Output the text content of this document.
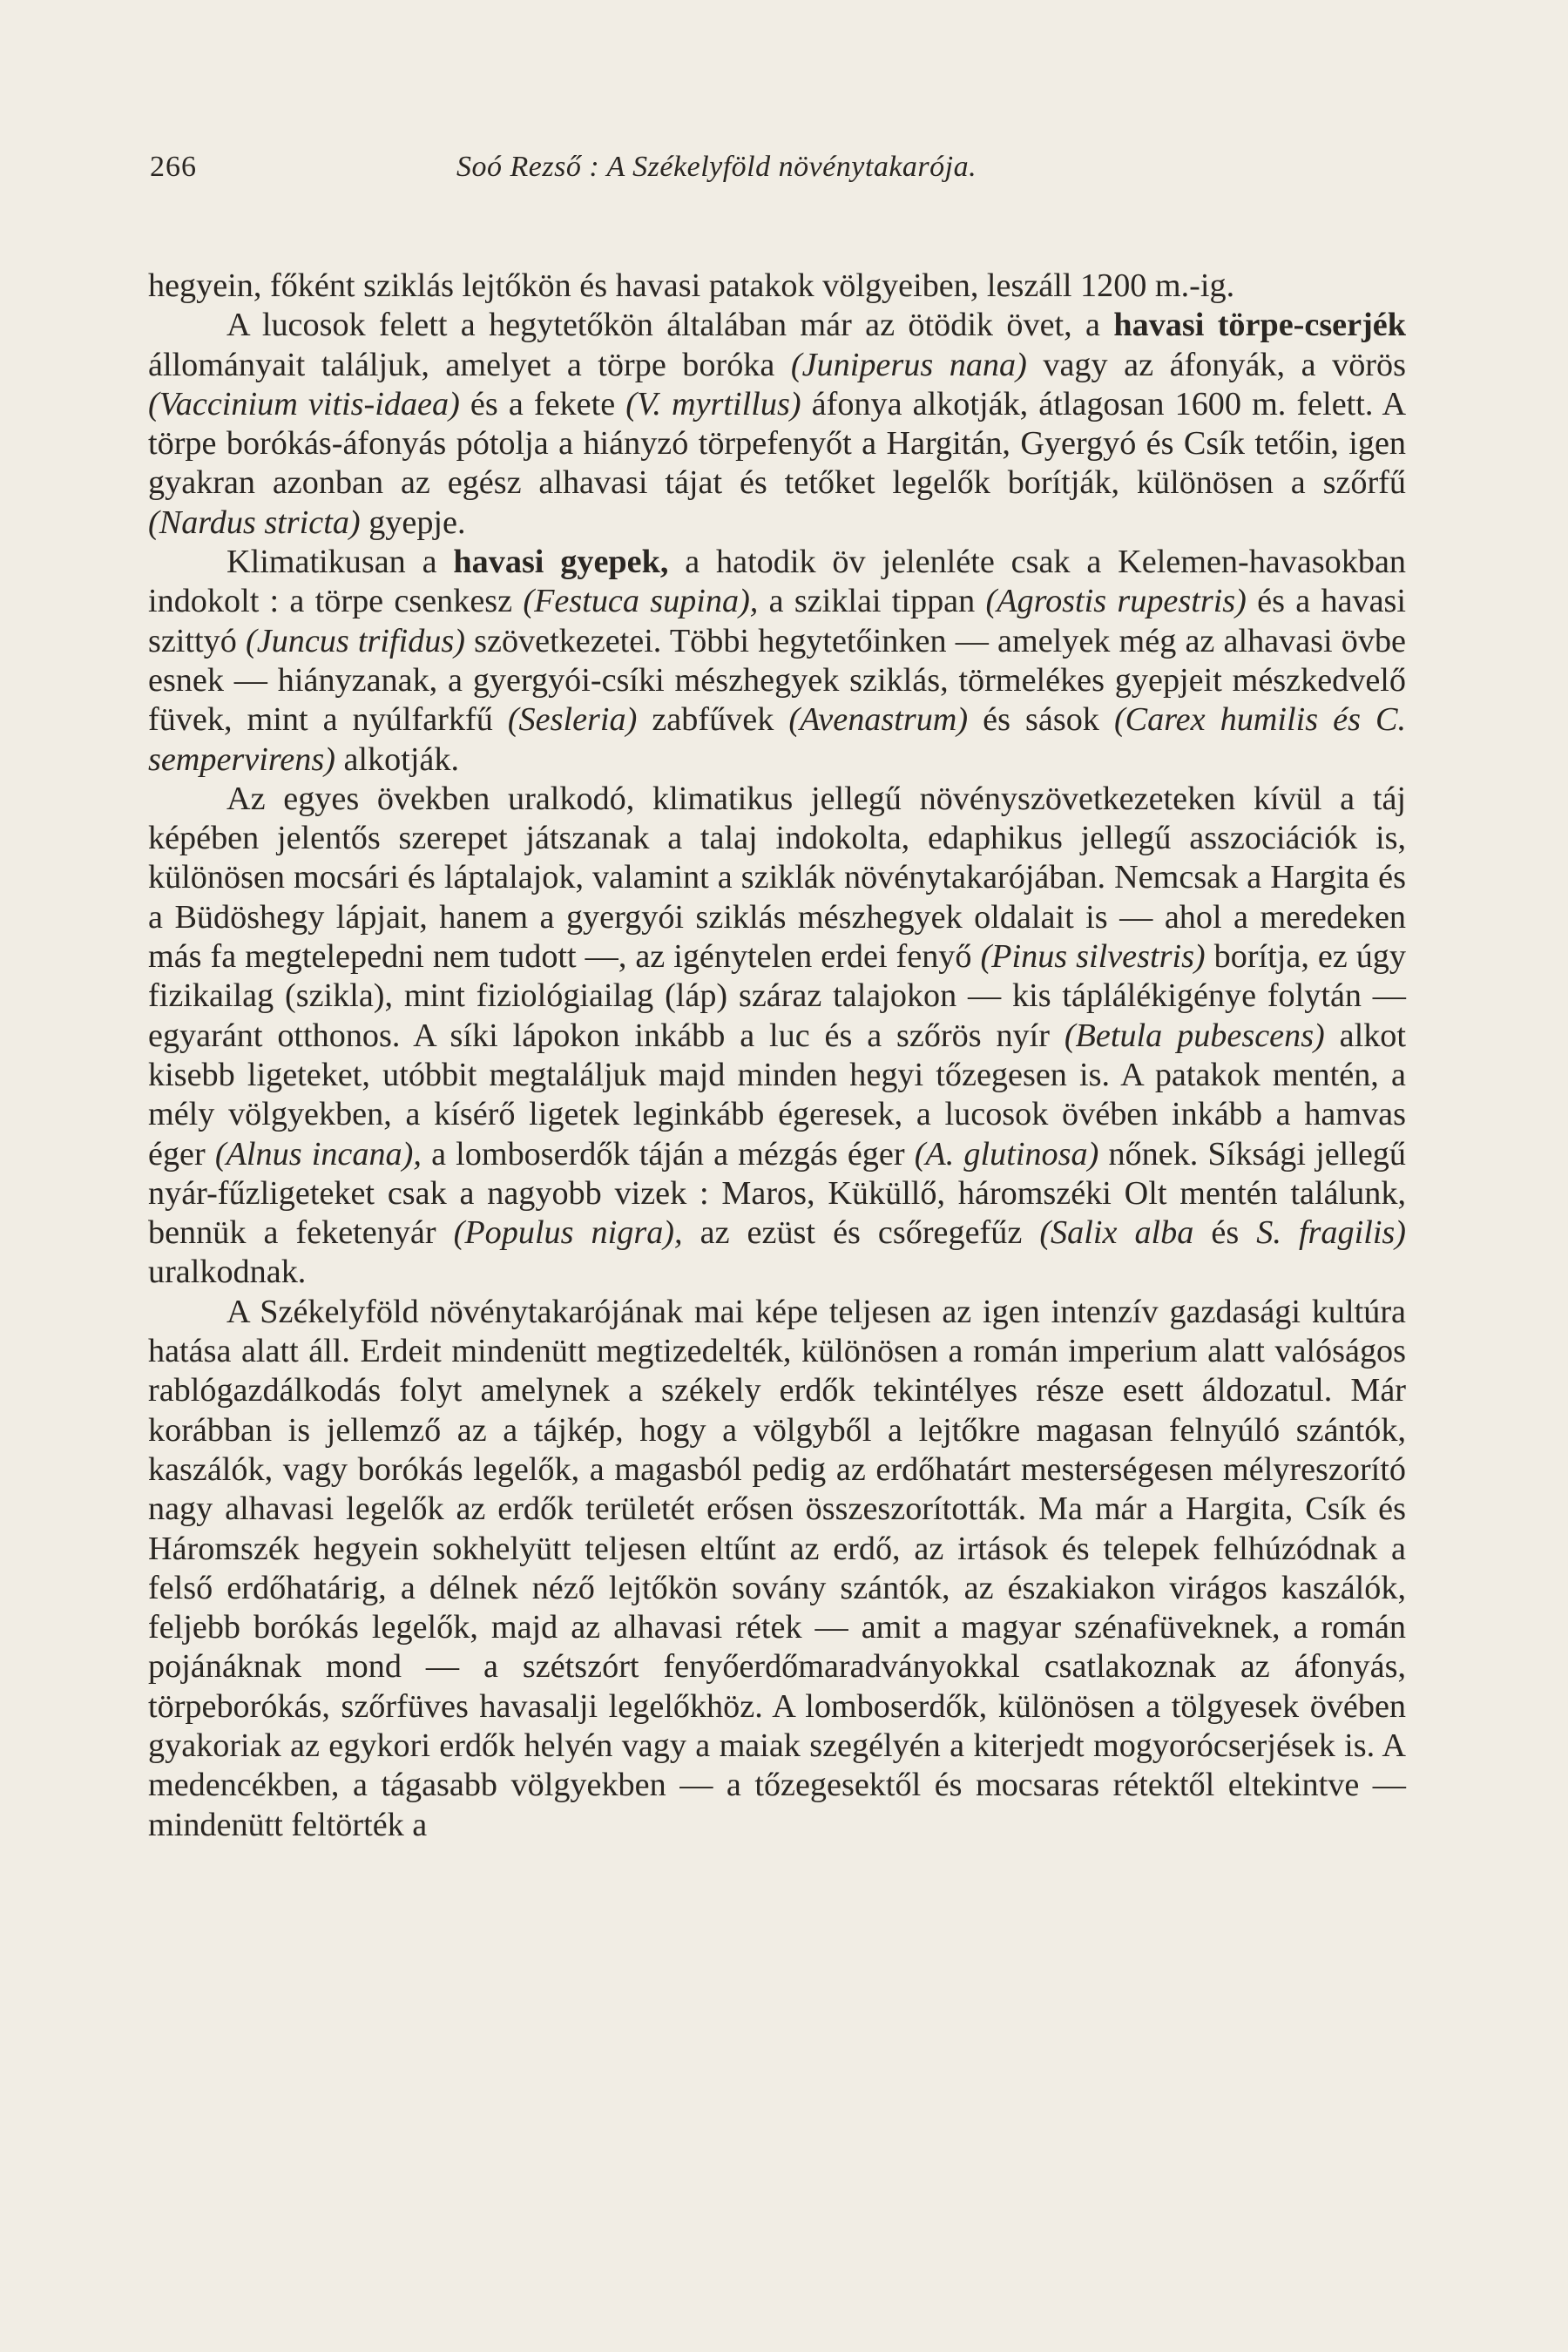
266	Soó Rezső : A Székelyföld növénytakarója.

hegyein, főként sziklás lejtőkön és havasi patakok völgyeiben, leszáll 1200 m.-ig.

A lucosok felett a hegytetőkön általában már az ötödik övet, a havasi törpe-cserjék állományait találjuk, amelyet a törpe boróka (Juniperus nana) vagy az áfonyák, a vörös (Vaccinium vitis-idaea) és a fekete (V. myrtillus) áfonya alkotják, átlagosan 1600 m. felett. A törpe borókás-áfonyás pótolja a hiányzó törpefenyőt a Hargitán, Gyergyó és Csík tetőin, igen gyakran azonban az egész alhavasi tájat és tetőket legelők borítják, különösen a szőrfű (Nardus stricta) gyepje.

Klimatikusan a havasi gyepek, a hatodik öv jelenléte csak a Kelemen-havasokban indokolt : a törpe csenkesz (Festuca supina), a sziklai tippan (Agrostis rupestris) és a havasi szittyó (Juncus trifidus) szövetkezetei. Többi hegytetőinken — amelyek még az alhavasi övbe esnek — hiányzanak, a gyergyói-csíki mészhegyek sziklás, törmelékes gyepjeit mészkedvelő füvek, mint a nyúlfarkfű (Sesleria) zabfűvek (Avenastrum) és sások (Carex humilis és C. sempervirens) alkotják.

Az egyes övekben uralkodó, klimatikus jellegű növényszövetkezeteken kívül a táj képében jelentős szerepet játszanak a talaj indokolta, edaphikus jellegű asszociációk is, különösen mocsári és láptalajok, valamint a sziklák növénytakarójában. Nemcsak a Hargita és a Büdöshegy lápjait, hanem a gyergyói sziklás mészhegyek oldalait is — ahol a meredeken más fa megtelepedni nem tudott —, az igénytelen erdei fenyő (Pinus silvestris) borítja, ez úgy fizikailag (szikla), mint fiziológiailag (láp) száraz talajokon — kis táplálékigénye folytán — egyaránt otthonos. A síki lápokon inkább a luc és a szőrös nyír (Betula pubescens) alkot kisebb ligeteket, utóbbit megtaláljuk majd minden hegyi tőzegesen is. A patakok mentén, a mély völgyekben, a kísérő ligetek leginkább égeresek, a lucosok övében inkább a hamvas éger (Alnus incana), a lomboserdők táján a mézgás éger (A. glutinosa) nőnek. Síksági jellegű nyár-fűzligeteket csak a nagyobb vizek : Maros, Küküllő, háromszéki Olt mentén találunk, bennük a feketenyár (Populus nigra), az ezüst és csőregefűz (Salix alba és S. fragilis) uralkodnak.

A Székelyföld növénytakarójának mai képe teljesen az igen intenzív gazdasági kultúra hatása alatt áll. Erdeit mindenütt megtizedelték, különösen a román imperium alatt valóságos rablógazdálkodás folyt amelynek a székely erdők tekintélyes része esett áldozatul. Már korábban is jellemző az a tájkép, hogy a völgyből a lejtőkre magasan felnyúló szántók, kaszálók, vagy borókás legelők, a magasból pedig az erdőhatárt mesterségesen mélyreszorító nagy alhavasi legelők az erdők területét erősen összeszorították. Ma már a Hargita, Csík és Háromszék hegyein sokhelyütt teljesen eltűnt az erdő, az irtások és telepek felhúzódnak a felső erdőhatárig, a délnek néző lejtőkön sovány szántók, az északiakon virágos kaszálók, feljebb borókás legelők, majd az alhavasi rétek — amit a magyar szénafüveknek, a román pojánáknak mond — a szétszórt fenyőerdőmaradványokkal csatlakoznak az áfonyás, törpeborókás, szőrfüves havasalji legelőkhöz. A lomboserdők, különösen a tölgyesek övében gyakoriak az egykori erdők helyén vagy a maiak szegélyén a kiterjedt mogyorócserjések is. A medencékben, a tágasabb völgyekben — a tőzegesektől és mocsaras rétektől eltekintve — mindenütt feltörték a
